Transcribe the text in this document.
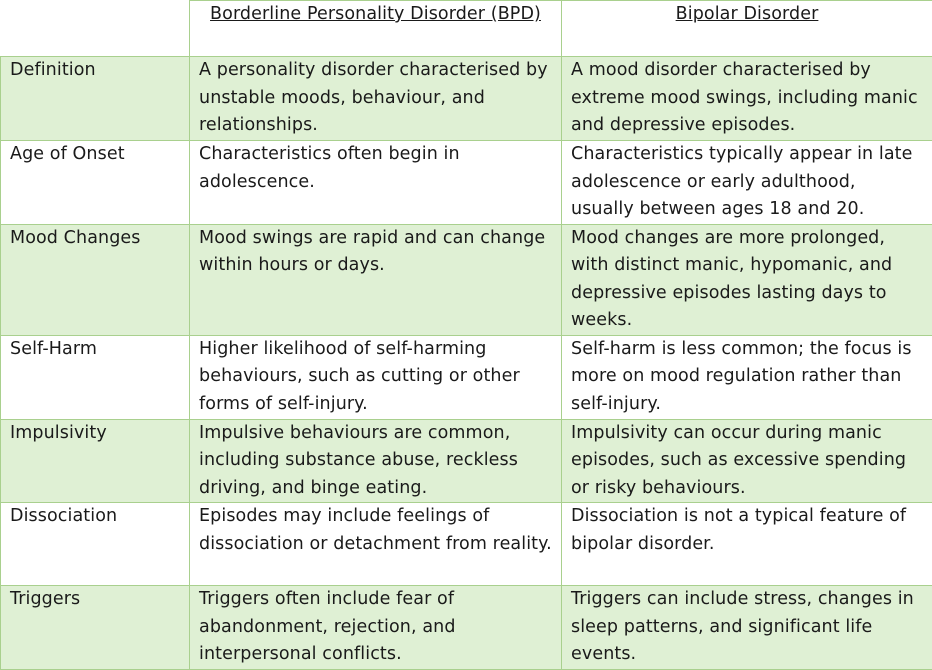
	Borderline Personality Disorder (BPD)	Bipolar Disorder
Definition	A personality disorder characterised by unstable moods, behaviour, and relationships.	A mood disorder characterised by extreme mood swings, including manic and depressive episodes.
Age of Onset	Characteristics often begin in adolescence.	Characteristics typically appear in late adolescence or early adulthood, usually between ages 18 and 20.
Mood Changes	Mood swings are rapid and can change within hours or days.	Mood changes are more prolonged, with distinct manic, hypomanic, and depressive episodes lasting days to weeks.
Self-Harm	Higher likelihood of self-harming behaviours, such as cutting or other forms of self-injury.	Self-harm is less common; the focus is more on mood regulation rather than self-injury.
Impulsivity	Impulsive behaviours are common, including substance abuse, reckless driving, and binge eating.	Impulsivity can occur during manic episodes, such as excessive spending or risky behaviours.
Dissociation	Episodes may include feelings of dissociation or detachment from reality.	Dissociation is not a typical feature of bipolar disorder.
Triggers	Triggers often include fear of abandonment, rejection, and interpersonal conflicts.	Triggers can include stress, changes in sleep patterns, and significant life events.
